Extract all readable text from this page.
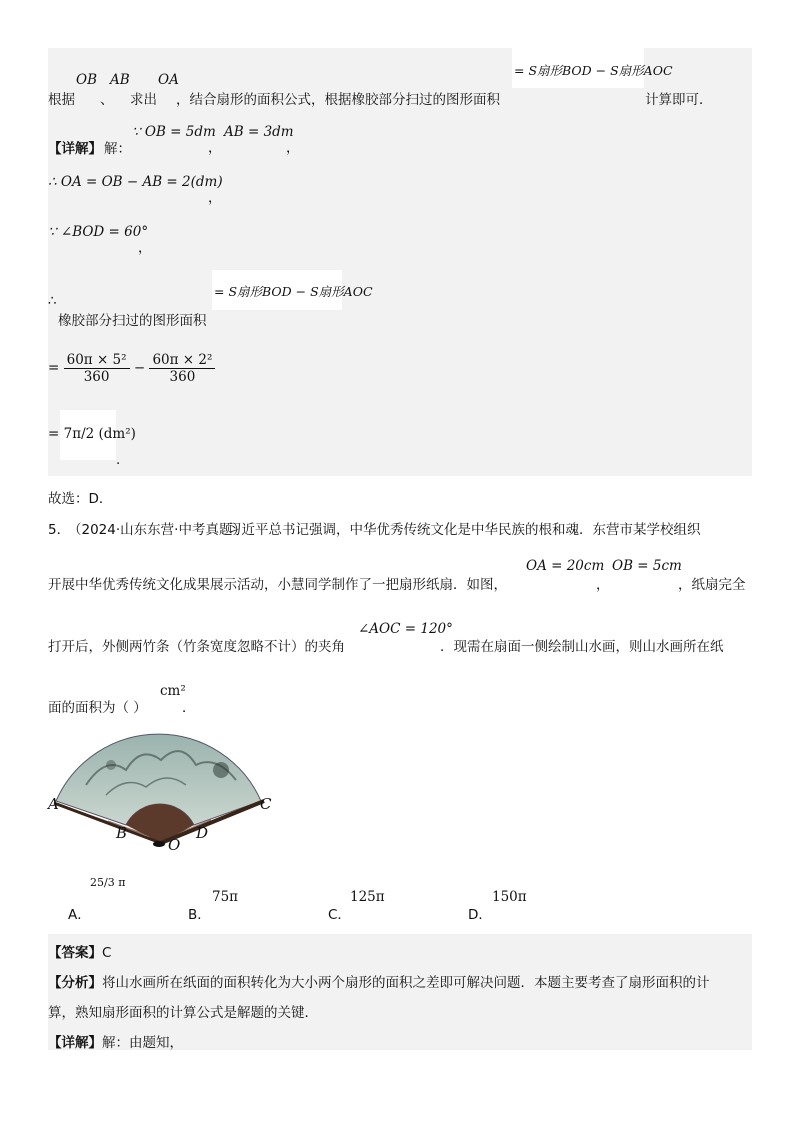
根据
OB
、
AB
求出
OA
，结合扇形的面积公式，根据橡胶部分扫过的图形面积
= S扇形BOD − S扇形AOC
计算即可．
【详解】 解：
∵ OB = 5dm
，
AB = 3dm
，
∴ OA = OB − AB = 2(dm)
，
∵ ∠BOD = 60°
，
∴
= S扇形BOD − S扇形AOC
橡胶部分扫过的图形面积
= $\frac{\text{60π × 5²}}{360} - \frac{\text{60π × 2²}}{360}$
= 7π/2 (dm²)
.
故选：D．
5．
（2024·山东东营·中考真题）
习近平总书记强调，中华优秀传统文化是中华民族的根和魂．东营市某学校组织
开展中华优秀传统文化成果展示活动，小慧同学制作了一把扇形纸扇．如图，
OA = 20cm
，
OB = 5cm
，纸扇完全
打开后，外侧两竹条（竹条宽度忽略不计）的夹角
∠AOC = 120°
．现需在扇面一侧绘制山水画，则山水画所在纸
面的面积为（ ）
cm²
．
A
B
C
D
O
A．
25/3 π
B．
75π
C．
125π
D．
150π
【答案】C
【分析】将山水画所在纸面的面积转化为大小两个扇形的面积之差即可解决问题．本题主要考查了扇形面积的计
算，熟知扇形面积的计算公式是解题的关键．
【详解】解：由题知，
